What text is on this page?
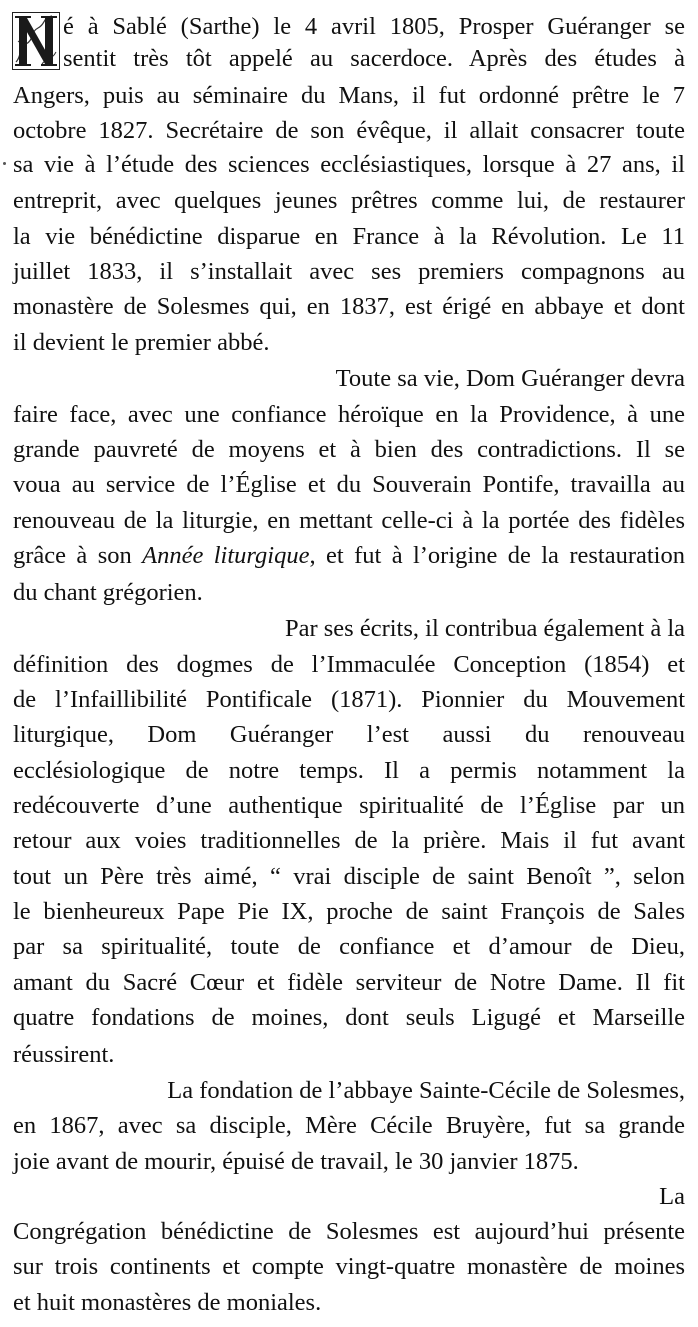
é à Sablé (Sarthe) le 4 avril 1805, Prosper Guéranger se
sentit très tôt appelé au sacerdoce. Après des études à
Angers, puis au séminaire du Mans, il fut ordonné prêtre le 7
octobre 1827. Secrétaire de son évêque, il allait consacrer toute
sa vie à l’étude des sciences ecclésiastiques, lorsque à 27 ans, il
entreprit, avec quelques jeunes prêtres comme lui, de restaurer
la vie bénédictine disparue en France à la Révolution. Le 11
juillet 1833, il s’installait avec ses premiers compagnons au
monastère de Solesmes qui, en 1837, est érigé en abbaye et dont
il devient le premier abbé.
Toute sa vie, Dom Guéranger devra
faire face, avec une confiance héroïque en la Providence, à une
grande pauvreté de moyens et à bien des contradictions. Il se
voua au service de l’Église et du Souverain Pontife, travailla au
renouveau de la liturgie, en mettant celle-ci à la portée des fidèles
grâce à son Année liturgique, et fut à l’origine de la restauration
du chant grégorien.
Par ses écrits, il contribua également à la
définition des dogmes de l’Immaculée Conception (1854) et
de l’Infaillibilité Pontificale (1871). Pionnier du Mouvement
liturgique, Dom Guéranger l’est aussi du renouveau
ecclésiologique de notre temps. Il a permis notamment la
redécouverte d’une authentique spiritualité de l’Église par un
retour aux voies traditionnelles de la prière. Mais il fut avant
tout un Père très aimé, “ vrai disciple de saint Benoît ”, selon
le bienheureux Pape Pie IX, proche de saint François de Sales
par sa spiritualité, toute de confiance et d’amour de Dieu,
amant du Sacré Cœur et fidèle serviteur de Notre Dame. Il fit
quatre fondations de moines, dont seuls Ligugé et Marseille
réussirent.
La fondation de l’abbaye Sainte-Cécile de Solesmes,
en 1867, avec sa disciple, Mère Cécile Bruyère, fut sa grande
joie avant de mourir, épuisé de travail, le 30 janvier 1875.
La
Congrégation bénédictine de Solesmes est aujourd’hui présente
sur trois continents et compte vingt-quatre monastère de moines
et huit monastères de moniales.
